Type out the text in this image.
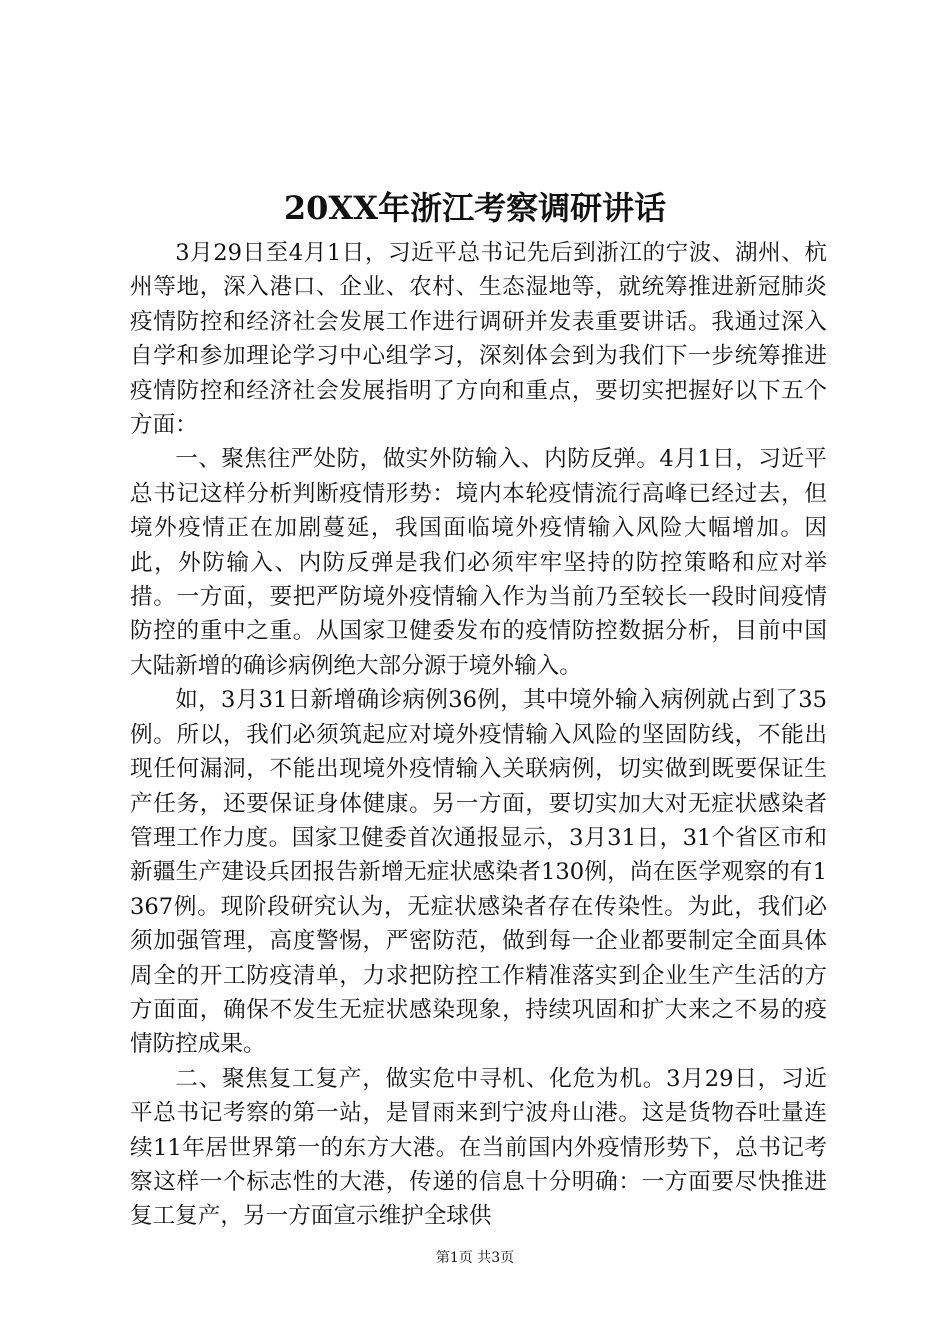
20XX年浙江考察调研讲话

3月29日至4月1日，习近平总书记先后到浙江的宁波、湖州、杭州等地，深入港口、企业、农村、生态湿地等，就统筹推进新冠肺炎疫情防控和经济社会发展工作进行调研并发表重要讲话。我通过深入自学和参加理论学习中心组学习，深刻体会到为我们下一步统筹推进疫情防控和经济社会发展指明了方向和重点，要切实把握好以下五个方面：

一、聚焦往严处防，做实外防输入、内防反弹。4月1日，习近平总书记这样分析判断疫情形势：境内本轮疫情流行高峰已经过去，但境外疫情正在加剧蔓延，我国面临境外疫情输入风险大幅增加。因此，外防输入、内防反弹是我们必须牢牢坚持的防控策略和应对举措。一方面，要把严防境外疫情输入作为当前乃至较长一段时间疫情防控的重中之重。从国家卫健委发布的疫情防控数据分析，目前中国大陆新增的确诊病例绝大部分源于境外输入。

如，3月31日新增确诊病例36例，其中境外输入病例就占到了35例。所以，我们必须筑起应对境外疫情输入风险的坚固防线，不能出现任何漏洞，不能出现境外疫情输入关联病例，切实做到既要保证生产任务，还要保证身体健康。另一方面，要切实加大对无症状感染者管理工作力度。国家卫健委首次通报显示，3月31日，31个省区市和新疆生产建设兵团报告新增无症状感染者130例，尚在医学观察的有1367例。现阶段研究认为，无症状感染者存在传染性。为此，我们必须加强管理，高度警惕，严密防范，做到每一企业都要制定全面具体周全的开工防疫清单，力求把防控工作精准落实到企业生产生活的方方面面，确保不发生无症状感染现象，持续巩固和扩大来之不易的疫情防控成果。

二、聚焦复工复产，做实危中寻机、化危为机。3月29日，习近平总书记考察的第一站，是冒雨来到宁波舟山港。这是货物吞吐量连续11年居世界第一的东方大港。在当前国内外疫情形势下，总书记考察这样一个标志性的大港，传递的信息十分明确：一方面要尽快推进复工复产，另一方面宣示维护全球供

第1页 共3页
